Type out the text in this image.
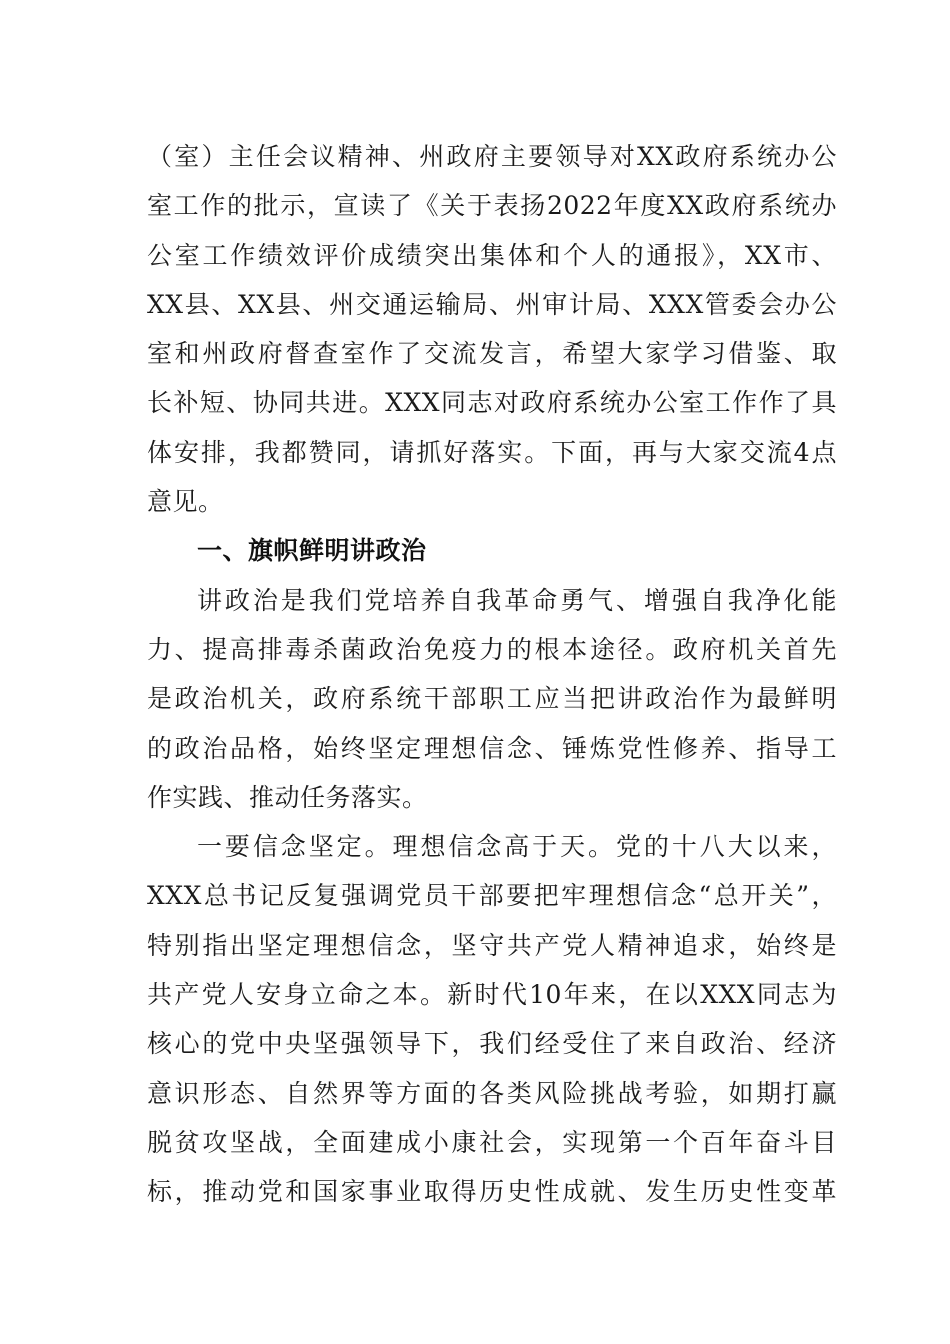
（室）主任会议精神、州政府主要领导对XX政府系统办公
室工作的批示，宣读了《关于表扬2022年度XX政府系统办
公室工作绩效评价成绩突出集体和个人的通报》，XX市、
XX县、XX县、州交通运输局、州审计局、XXX管委会办公
室和州政府督查室作了交流发言，希望大家学习借鉴、取
长补短、协同共进。XXX同志对政府系统办公室工作作了具
体安排，我都赞同，请抓好落实。下面，再与大家交流4点
意见。
一、旗帜鲜明讲政治
讲政治是我们党培养自我革命勇气、增强自我净化能
力、提高排毒杀菌政治免疫力的根本途径。政府机关首先
是政治机关，政府系统干部职工应当把讲政治作为最鲜明
的政治品格，始终坚定理想信念、锤炼党性修养、指导工
作实践、推动任务落实。
一要信念坚定。理想信念高于天。党的十八大以来，
XXX总书记反复强调党员干部要把牢理想信念“总开关”，
特别指出坚定理想信念，坚守共产党人精神追求，始终是
共产党人安身立命之本。新时代10年来，在以XXX同志为
核心的党中央坚强领导下，我们经受住了来自政治、经济
意识形态、自然界等方面的各类风险挑战考验，如期打赢
脱贫攻坚战，全面建成小康社会，实现第一个百年奋斗目
标，推动党和国家事业取得历史性成就、发生历史性变革
